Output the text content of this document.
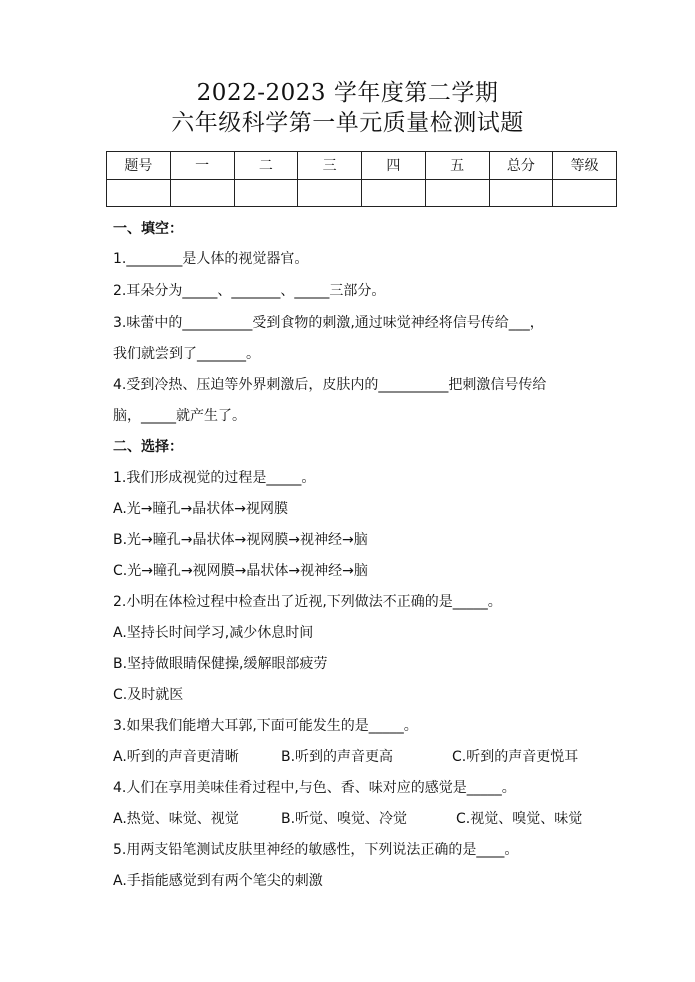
2022-2023 学年度第二学期
六年级科学第一单元质量检测试题
题号	一	二	三	四	五	总分	等级

一、填空：
1.________是人体的视觉器官。
2.耳朵分为_____、_______、_____三部分。
3.味蕾中的__________受到食物的刺激,通过味觉神经将信号传给___，
我们就尝到了_______。
4.受到冷热、压迫等外界刺激后，皮肤内的__________把刺激信号传给
脑，_____就产生了。
二、选择：
1.我们形成视觉的过程是_____。
A.光→瞳孔→晶状体→视网膜
B.光→瞳孔→晶状体→视网膜→视神经→脑
C.光→瞳孔→视网膜→晶状体→视神经→脑
2.小明在体检过程中检查出了近视,下列做法不正确的是_____。
A.坚持长时间学习,减少休息时间
B.坚持做眼睛保健操,缓解眼部疲劳
C.及时就医
3.如果我们能增大耳郭,下面可能发生的是_____。
A.听到的声音更清晰	B.听到的声音更高	C.听到的声音更悦耳
4.人们在享用美味佳肴过程中,与色、香、味对应的感觉是_____。
A.热觉、味觉、视觉	B.听觉、嗅觉、冷觉	C.视觉、嗅觉、味觉
5.用两支铅笔测试皮肤里神经的敏感性，下列说法正确的是____。
A.手指能感觉到有两个笔尖的刺激
